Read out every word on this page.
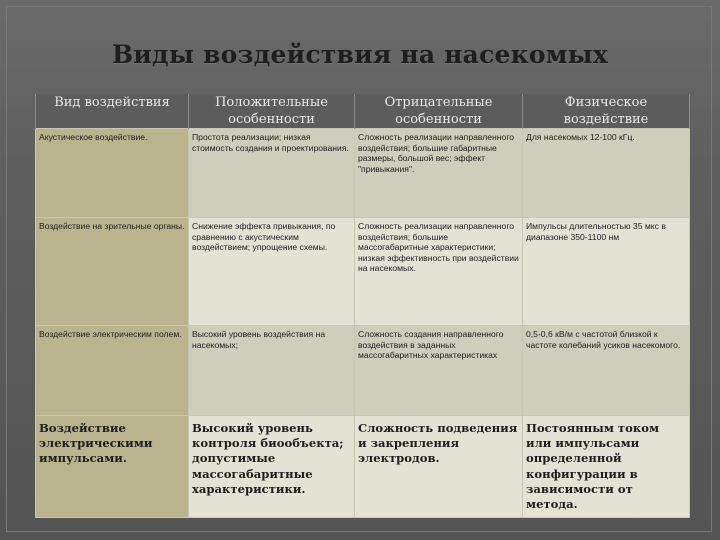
Виды воздействия на насекомых
Вид воздействия	Положительные особенности	Отрицательные особенности	Физическое воздействие

Акустическое воздействие.	Простота реализации; низкая стоимость создания и проектирования.	Сложность реализации направленного воздействия; большие габаритные размеры, большой вес; эффект "привыкания".	Для насекомых 12-100 кГц.
Воздействие на зрительные органы.	Снижение эффекта привыкания, по сравнению с акустическим воздействием; упрощение схемы.	Сложность реализации направленного воздействия; большие массогабаритные характеристики; низкая эффективность при воздействии на насекомых.	Импульсы длительностью 35 мкс в диапазоне 350-1100 нм
Воздействие электрическим полем.	Высокий уровень воздействия на насекомых;	Сложность создания направленного воздействия в заданных массогабаритных характеристиках	0,5-0,6 кВ/м с частотой близкой к частоте колебаний усиков насекомого.
Воздействие электрическими импульсами.	Высокий уровень контроля биообъекта; допустимые массогабаритные характеристики.	Сложность подведения и закрепления электродов.	Постоянным током или импульсами определенной конфигурации в зависимости от метода.
